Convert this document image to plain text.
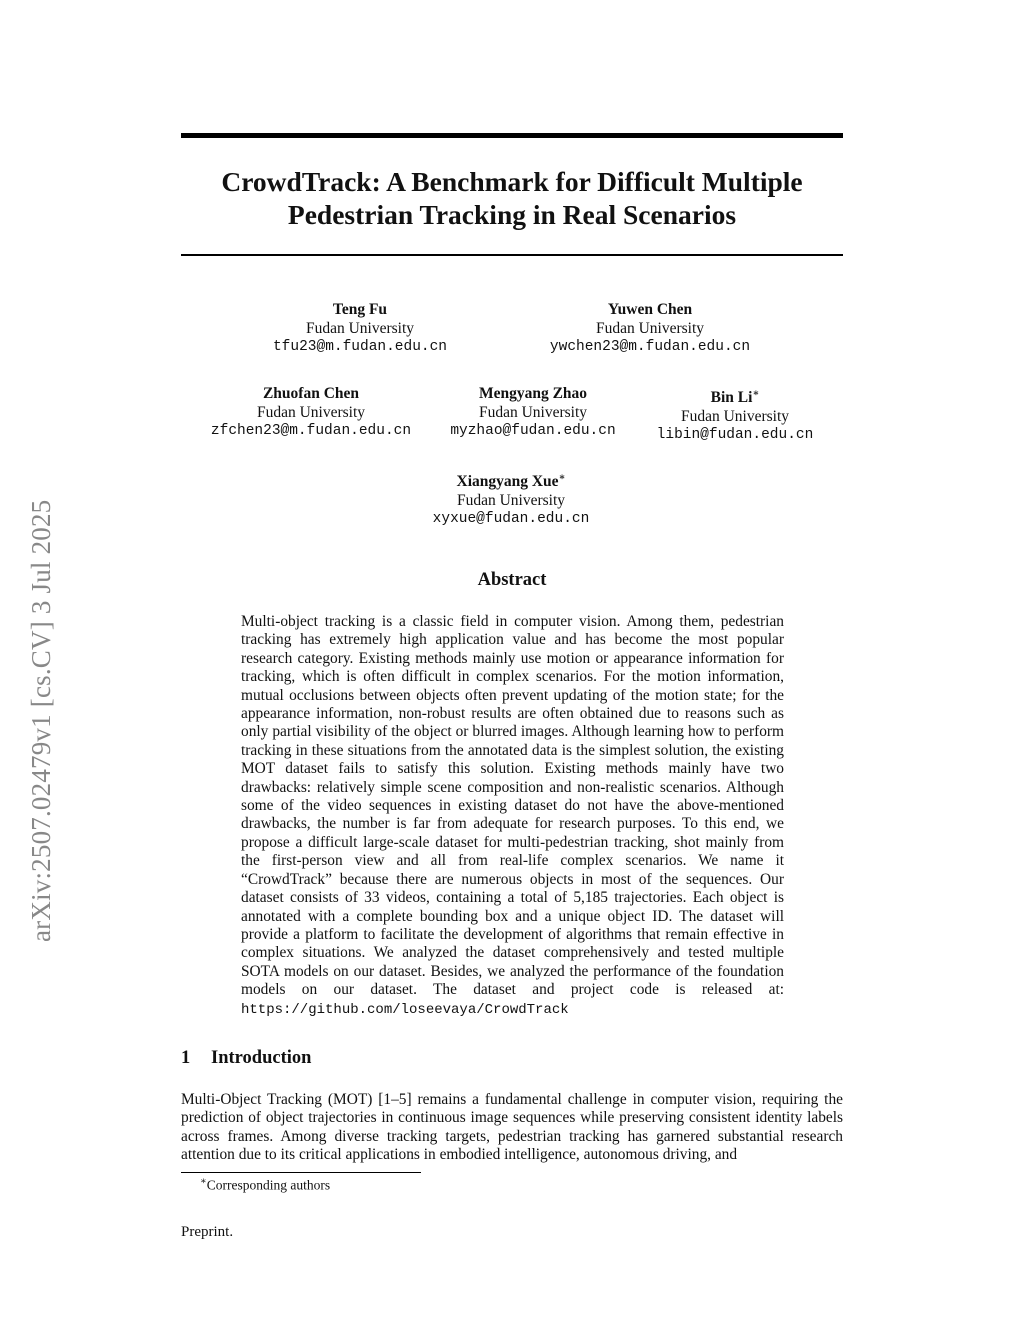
arXiv:2507.02479v1 [cs.CV] 3 Jul 2025
CrowdTrack: A Benchmark for Difficult Multiple Pedestrian Tracking in Real Scenarios
Teng Fu
Fudan University
tfu23@m.fudan.edu.cn
Yuwen Chen
Fudan University
ywchen23@m.fudan.edu.cn
Zhuofan Chen
Fudan University
zfchen23@m.fudan.edu.cn
Mengyang Zhao
Fudan University
myzhao@fudan.edu.cn
Bin Li∗
Fudan University
libin@fudan.edu.cn
Xiangyang Xue∗
Fudan University
xyxue@fudan.edu.cn
Abstract

Multi-object tracking is a classic field in computer vision. Among them, pedestrian tracking has extremely high application value and has become the most popular research category. Existing methods mainly use motion or appearance information for tracking, which is often difficult in complex scenarios. For the motion information, mutual occlusions between objects often prevent updating of the motion state; for the appearance information, non-robust results are often obtained due to reasons such as only partial visibility of the object or blurred images. Although learning how to perform tracking in these situations from the annotated data is the simplest solution, the existing MOT dataset fails to satisfy this solution. Existing methods mainly have two drawbacks: relatively simple scene composition and non-realistic scenarios. Although some of the video sequences in existing dataset do not have the above-mentioned drawbacks, the number is far from adequate for research purposes. To this end, we propose a difficult large-scale dataset for multi-pedestrian tracking, shot mainly from the first-person view and all from real-life complex scenarios. We name it “CrowdTrack” because there are numerous objects in most of the sequences. Our dataset consists of 33 videos, containing a total of 5,185 trajectories. Each object is annotated with a complete bounding box and a unique object ID. The dataset will provide a platform to facilitate the development of algorithms that remain effective in complex situations. We analyzed the dataset comprehensively and tested multiple SOTA models on our dataset. Besides, we analyzed the performance of the foundation models on our dataset. The dataset and project code is released at: https://github.com/loseevaya/CrowdTrack

1 Introduction

Multi-Object Tracking (MOT) [1–5] remains a fundamental challenge in computer vision, requiring the prediction of object trajectories in continuous image sequences while preserving consistent identity labels across frames. Among diverse tracking targets, pedestrian tracking has garnered substantial research attention due to its critical applications in embodied intelligence, autonomous driving, and

∗Corresponding authors
Preprint.
